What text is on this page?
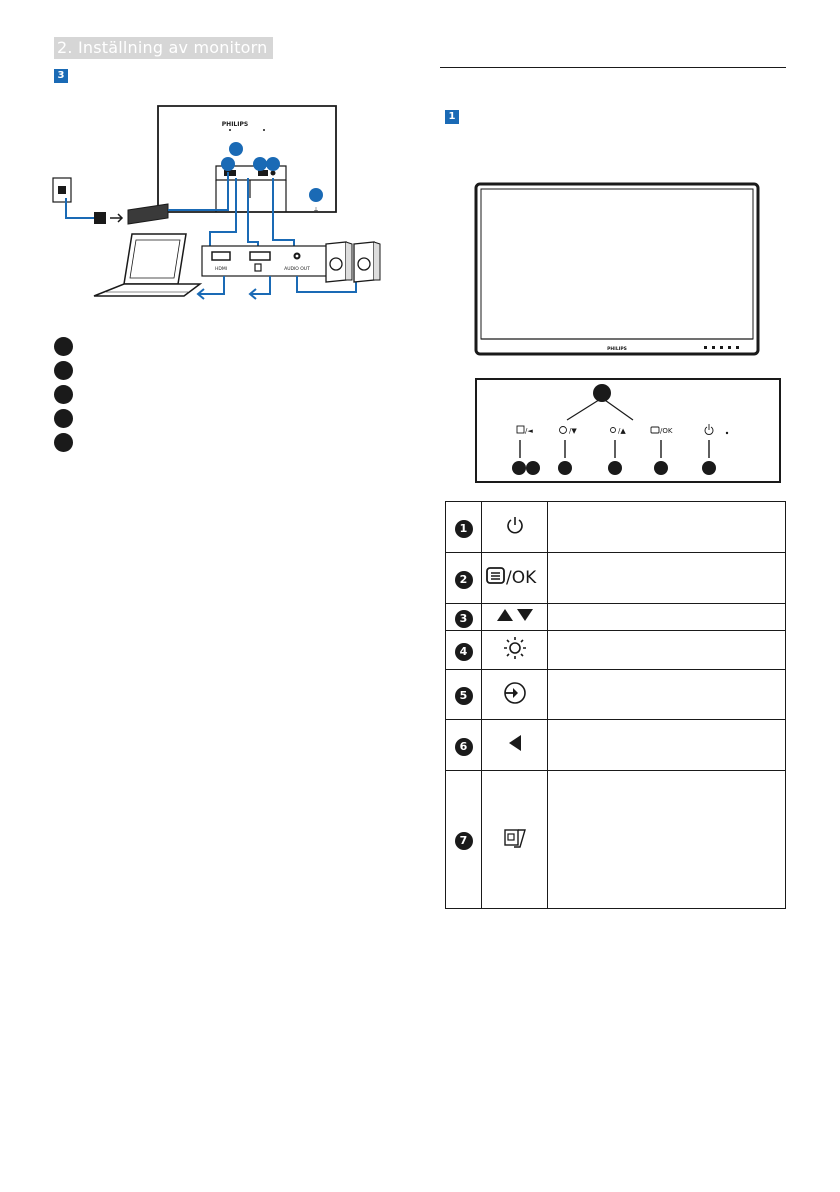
2. Inställning av monitorn
3
1
PHILIPS
⟂
HDMI	AUDIO OUT
PHILIPS
/◄	/▼	/▲	/OK
1		
2	/OK	

3		
4		
5		
6		
7		
